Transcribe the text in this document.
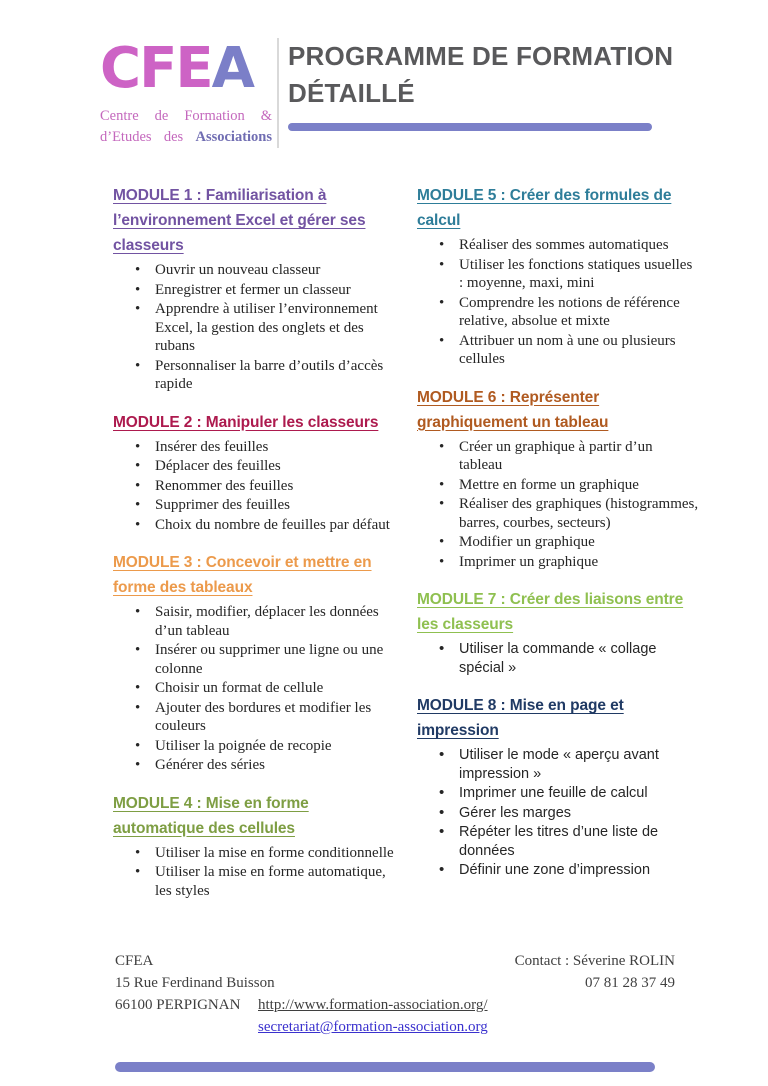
CFEA
Centre de Formation &
d’Etudes des Associations
PROGRAMME DE FORMATION
DÉTAILLÉ
MODULE 1 : Familiarisation à l’environnement Excel et gérer ses classeurs
• Ouvrir un nouveau classeur
• Enregistrer et fermer un classeur
• Apprendre à utiliser l’environnement Excel, la gestion des onglets et des rubans
• Personnaliser la barre d’outils d’accès rapide
MODULE 2 : Manipuler les classeurs
• Insérer des feuilles
• Déplacer des feuilles
• Renommer des feuilles
• Supprimer des feuilles
• Choix du nombre de feuilles par défaut
MODULE 3 : Concevoir et mettre en forme des tableaux
• Saisir, modifier, déplacer les données d’un tableau
• Insérer ou supprimer une ligne ou une colonne
• Choisir un format de cellule
• Ajouter des bordures et modifier les couleurs
• Utiliser la poignée de recopie
• Générer des séries
MODULE 4 : Mise en forme automatique des cellules
• Utiliser la mise en forme conditionnelle
• Utiliser la mise en forme automatique, les styles
MODULE 5 : Créer des formules de calcul
• Réaliser des sommes automatiques
• Utiliser les fonctions statiques usuelles : moyenne, maxi, mini
• Comprendre les notions de référence relative, absolue et mixte
• Attribuer un nom à une ou plusieurs cellules
MODULE 6 : Représenter graphiquement un tableau
• Créer un graphique à partir d’un tableau
• Mettre en forme un graphique
• Réaliser des graphiques (histogrammes, barres, courbes, secteurs)
• Modifier un graphique
• Imprimer un graphique
MODULE 7 : Créer des liaisons entre les classeurs
• Utiliser la commande « collage spécial »
MODULE 8 : Mise en page et impression
• Utiliser le mode « aperçu avant impression »
• Imprimer une feuille de calcul
• Gérer les marges
• Répéter les titres d’une liste de données
• Définir une zone d’impression
CFEA
15 Rue Ferdinand Buisson
66100 PERPIGNAN	http://www.formation-association.org/
secretariat@formation-association.org
Contact : Séverine ROLIN
07 81 28 37 49
